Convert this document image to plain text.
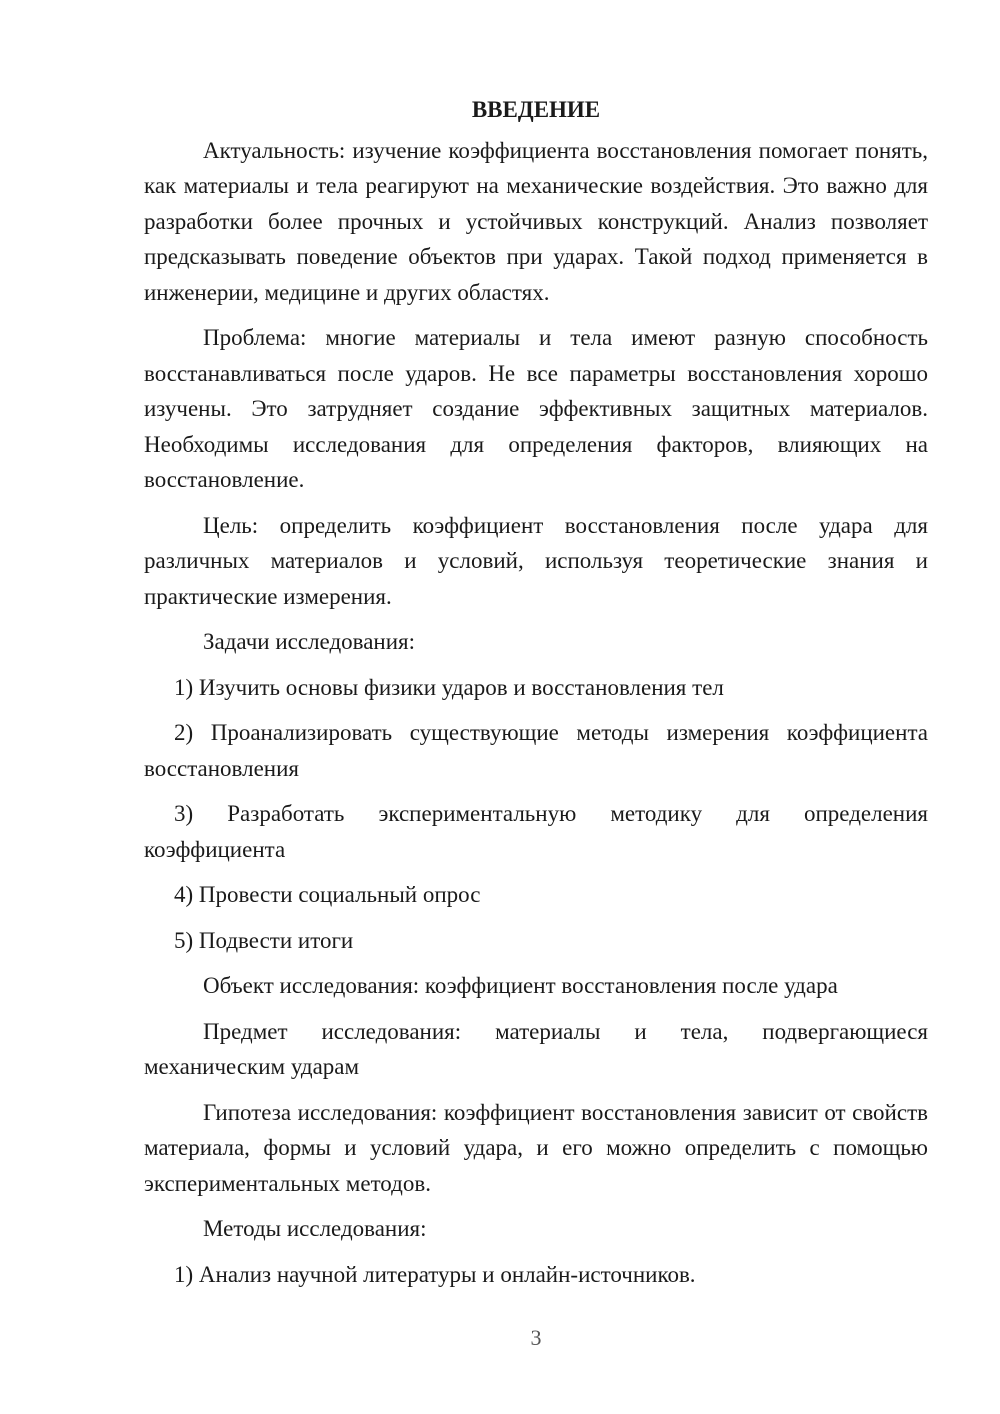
ВВЕДЕНИЕ

Актуальность: изучение коэффициента восстановления помогает понять, как материалы и тела реагируют на механические воздействия. Это важно для разработки более прочных и устойчивых конструкций. Анализ позволяет предсказывать поведение объектов при ударах. Такой подход применяется в инженерии, медицине и других областях.

Проблема: многие материалы и тела имеют разную способность восстанавливаться после ударов. Не все параметры восстановления хорошо изучены. Это затрудняет создание эффективных защитных материалов. Необходимы исследования для определения факторов, влияющих на восстановление.

Цель: определить коэффициент восстановления после удара для различных материалов и условий, используя теоретические знания и практические измерения.

Задачи исследования:

1) Изучить основы физики ударов и восстановления тел

2) Проанализировать существующие методы измерения коэффициента восстановления

3) Разработать экспериментальную методику для определения коэффициента

4) Провести социальный опрос

5) Подвести итоги

Объект исследования: коэффициент восстановления после удара

Предмет исследования: материалы и тела, подвергающиеся механическим ударам

Гипотеза исследования: коэффициент восстановления зависит от свойств материала, формы и условий удара, и его можно определить с помощью экспериментальных методов.

Методы исследования:

1) Анализ научной литературы и онлайн-источников.

3
